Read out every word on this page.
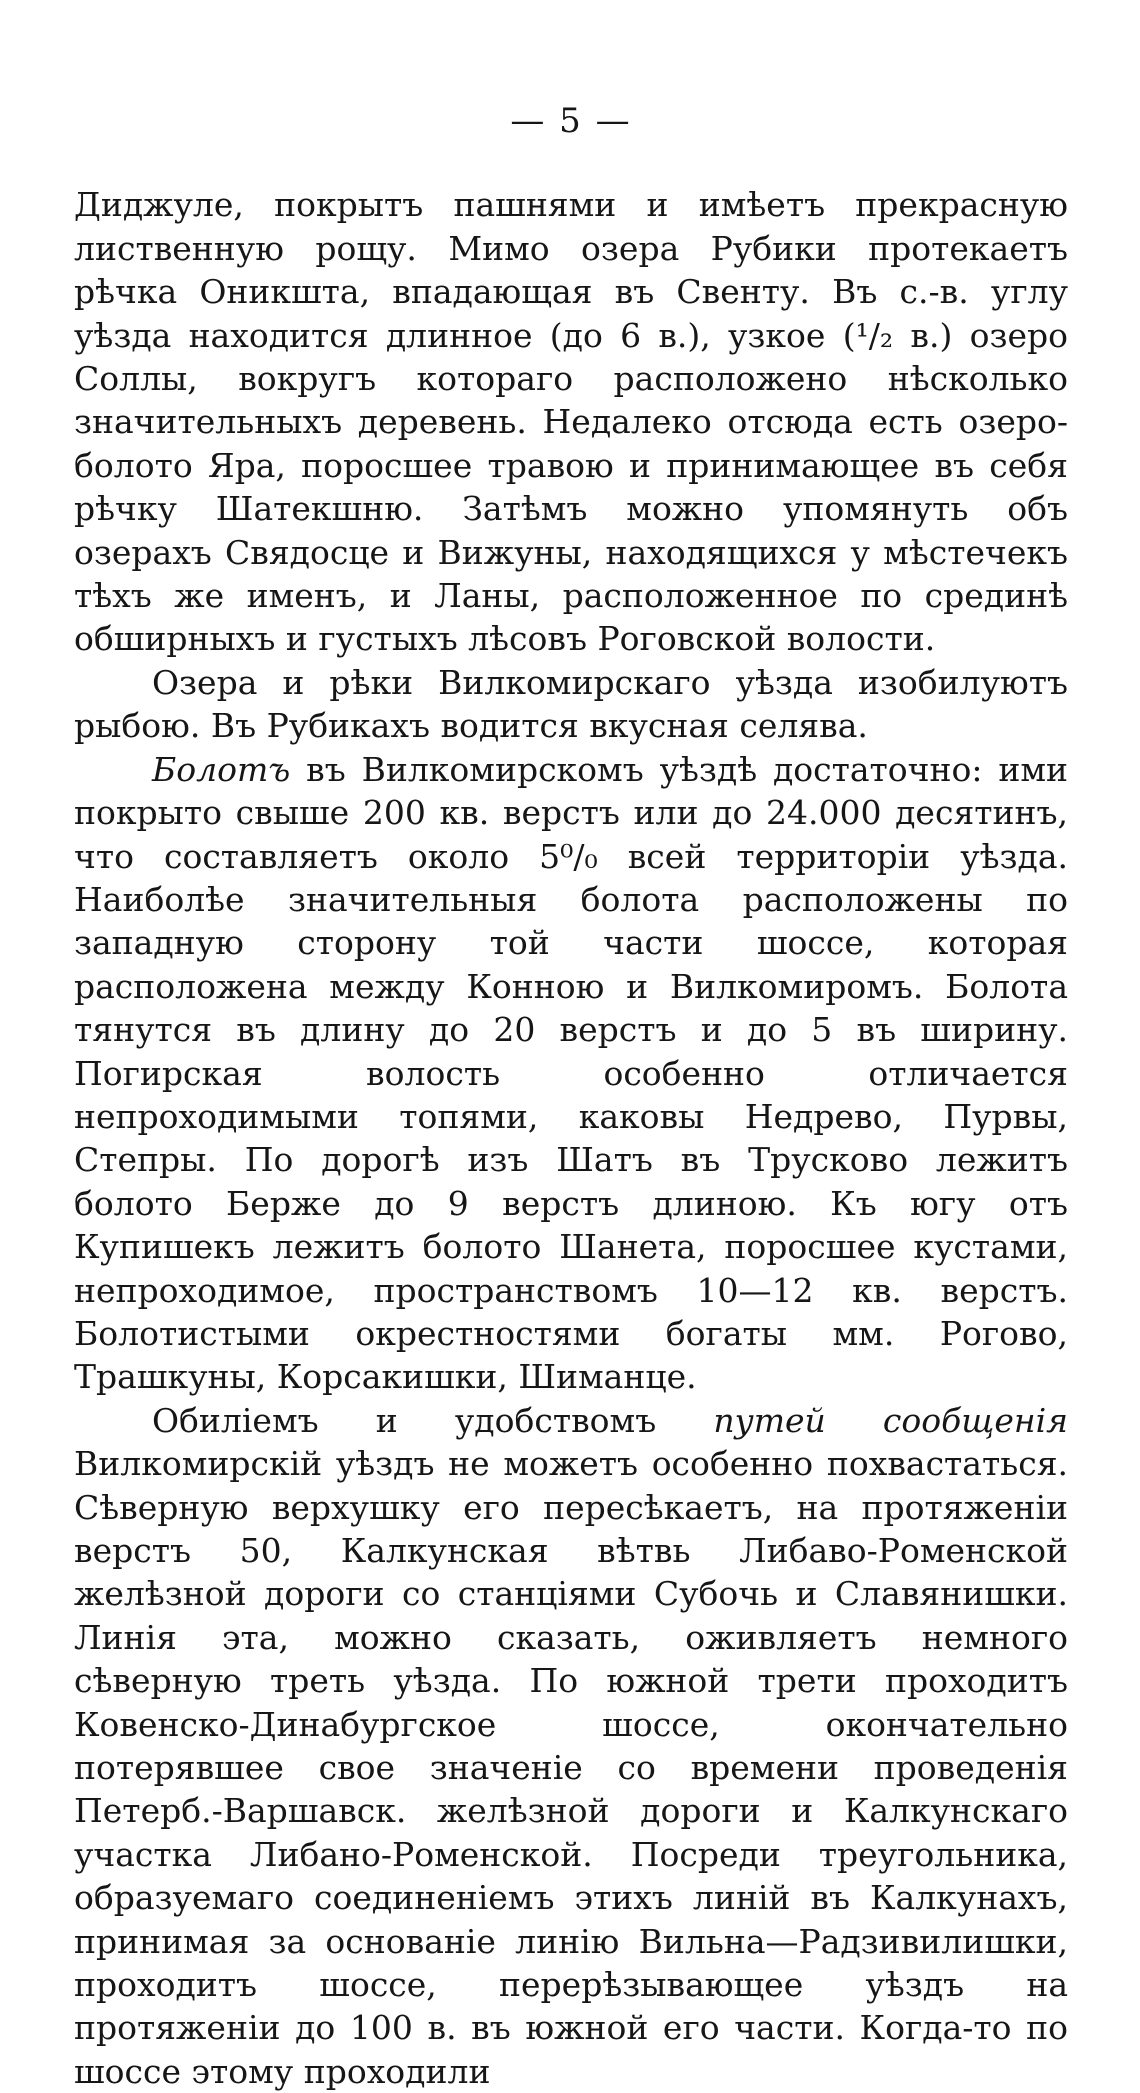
— 5 —

Диджуле, покрытъ пашнями и имѣетъ прекрасную лиственную рощу. Мимо озера Рубики протекаетъ рѣчка Оникшта, впадающая въ Свенту. Въ с.-в. углу уѣзда находится длинное (до 6 в.), узкое (¹/₂ в.) озеро Соллы, вокругъ котораго расположено нѣсколько значительныхъ деревень. Недалеко отсюда есть озеро-болото Яра, поросшее травою и принимающее въ себя рѣчку Шатекшню. Затѣмъ можно упомянуть объ озерахъ Свядосце и Вижуны, находящихся у мѣстечекъ тѣхъ же именъ, и Ланы, расположенное по срединѣ обширныхъ и густыхъ лѣсовъ Роговской волости.

Озера и рѣки Вилкомирскаго уѣзда изобилуютъ рыбою. Въ Рубикахъ водится вкусная селява.

Болотъ въ Вилкомирскомъ уѣздѣ достаточно: ими покрыто свыше 200 кв. верстъ или до 24.000 десятинъ, что составляетъ около 5⁰/₀ всей территоріи уѣзда. Наиболѣе значительныя болота расположены по западную сторону той части шоссе, которая расположена между Конною и Вилкомиромъ. Болота тянутся въ длину до 20 верстъ и до 5 въ ширину. Погирская волость особенно отличается непроходимыми топями, каковы Недрево, Пурвы, Степры. По дорогѣ изъ Шатъ въ Трусково лежитъ болото Берже до 9 верстъ длиною. Къ югу отъ Купишекъ лежитъ болото Шанета, поросшее кустами, непроходимое, пространствомъ 10—12 кв. верстъ. Болотистыми окрестностями богаты мм. Рогово, Трашкуны, Корсакишки, Шиманце.

Обиліемъ и удобствомъ путей сообщенія Вилкомирскій уѣздъ не можетъ особенно похвастаться. Сѣверную верхушку его пересѣкаетъ, на протяженіи верстъ 50, Калкунская вѣтвь Либаво-Роменской желѣзной дороги со станціями Субочь и Славянишки. Линія эта, можно сказать, оживляетъ немного сѣверную треть уѣзда. По южной трети проходитъ Ковенско-Динабургское шоссе, окончательно потерявшее свое значеніе со времени проведенія Петерб.-Варшавск. желѣзной дороги и Калкунскаго участка Либано-Роменской. Посреди треугольника, образуемаго соединеніемъ этихъ линій въ Калкунахъ, принимая за основаніе линію Вильна—Радзивилишки, проходитъ шоссе, перерѣзывающее уѣздъ на протяженіи до 100 в. въ южной его части. Когда-то по шоссе этому проходили
